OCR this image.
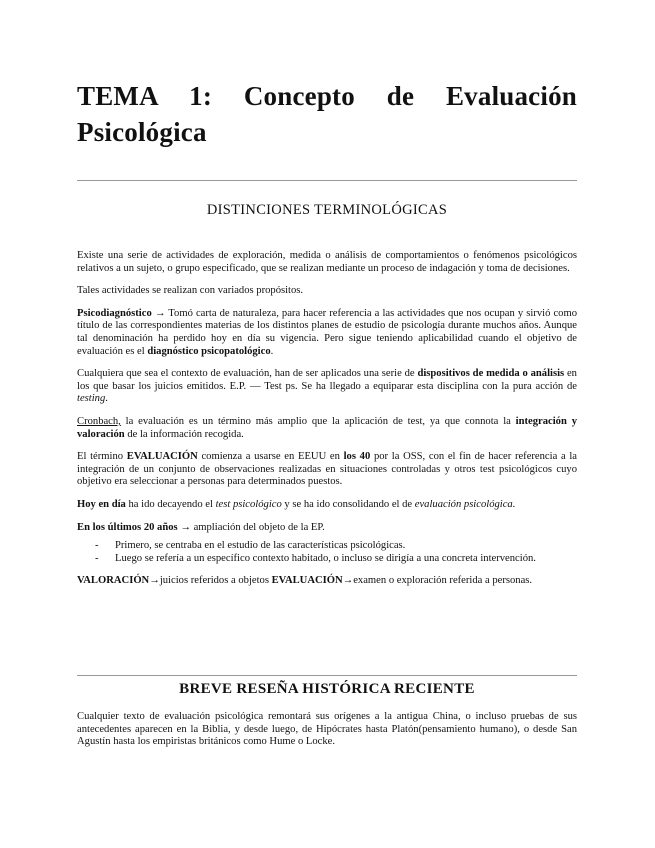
TEMA 1: Concepto de Evaluación Psicológica
DISTINCIONES TERMINOLÓGICAS

Existe una serie de actividades de exploración, medida o análisis de comportamientos o fenómenos psicológicos relativos a un sujeto, o grupo especificado, que se realizan mediante un proceso de indagación y toma de decisiones.

Tales actividades se realizan con variados propósitos.

Psicodiagnóstico → Tomó carta de naturaleza, para hacer referencia a las actividades que nos ocupan y sirvió como título de las correspondientes materias de los distintos planes de estudio de psicología durante muchos años. Aunque tal denominación ha perdido hoy en día su vigencia. Pero sigue teniendo aplicabilidad cuando el objetivo de evaluación es el diagnóstico psicopatológico.

Cualquiera que sea el contexto de evaluación, han de ser aplicados una serie de dispositivos de medida o análisis en los que basar los juicios emitidos. E.P. — Test ps. Se ha llegado a equiparar esta disciplina con la pura acción de testing.

Cronbach, la evaluación es un término más amplio que la aplicación de test, ya que connota la integración y valoración de la información recogida.

El término EVALUACIÓN comienza a usarse en EEUU en los 40 por la OSS, con el fin de hacer referencia a la integración de un conjunto de observaciones realizadas en situaciones controladas y otros test psicológicos cuyo objetivo era seleccionar a personas para determinados puestos.

Hoy en día ha ido decayendo el test psicológico y se ha ido consolidando el de evaluación psicológica.

En los últimos 20 años → ampliación del objeto de la EP.

- Primero, se centraba en el estudio de las características psicológicas.
- Luego se refería a un específico contexto habitado, o incluso se dirigía a una concreta intervención.

VALORACIÓN→juicios referidos a objetos EVALUACIÓN→examen o exploración referida a personas.

BREVE RESEÑA HISTÓRICA RECIENTE

Cualquier texto de evaluación psicológica remontará sus orígenes a la antigua China, o incluso pruebas de sus antecedentes aparecen en la Biblia, y desde luego, de Hipócrates hasta Platón(pensamiento humano), o desde San Agustín hasta los empiristas británicos como Hume o Locke.
